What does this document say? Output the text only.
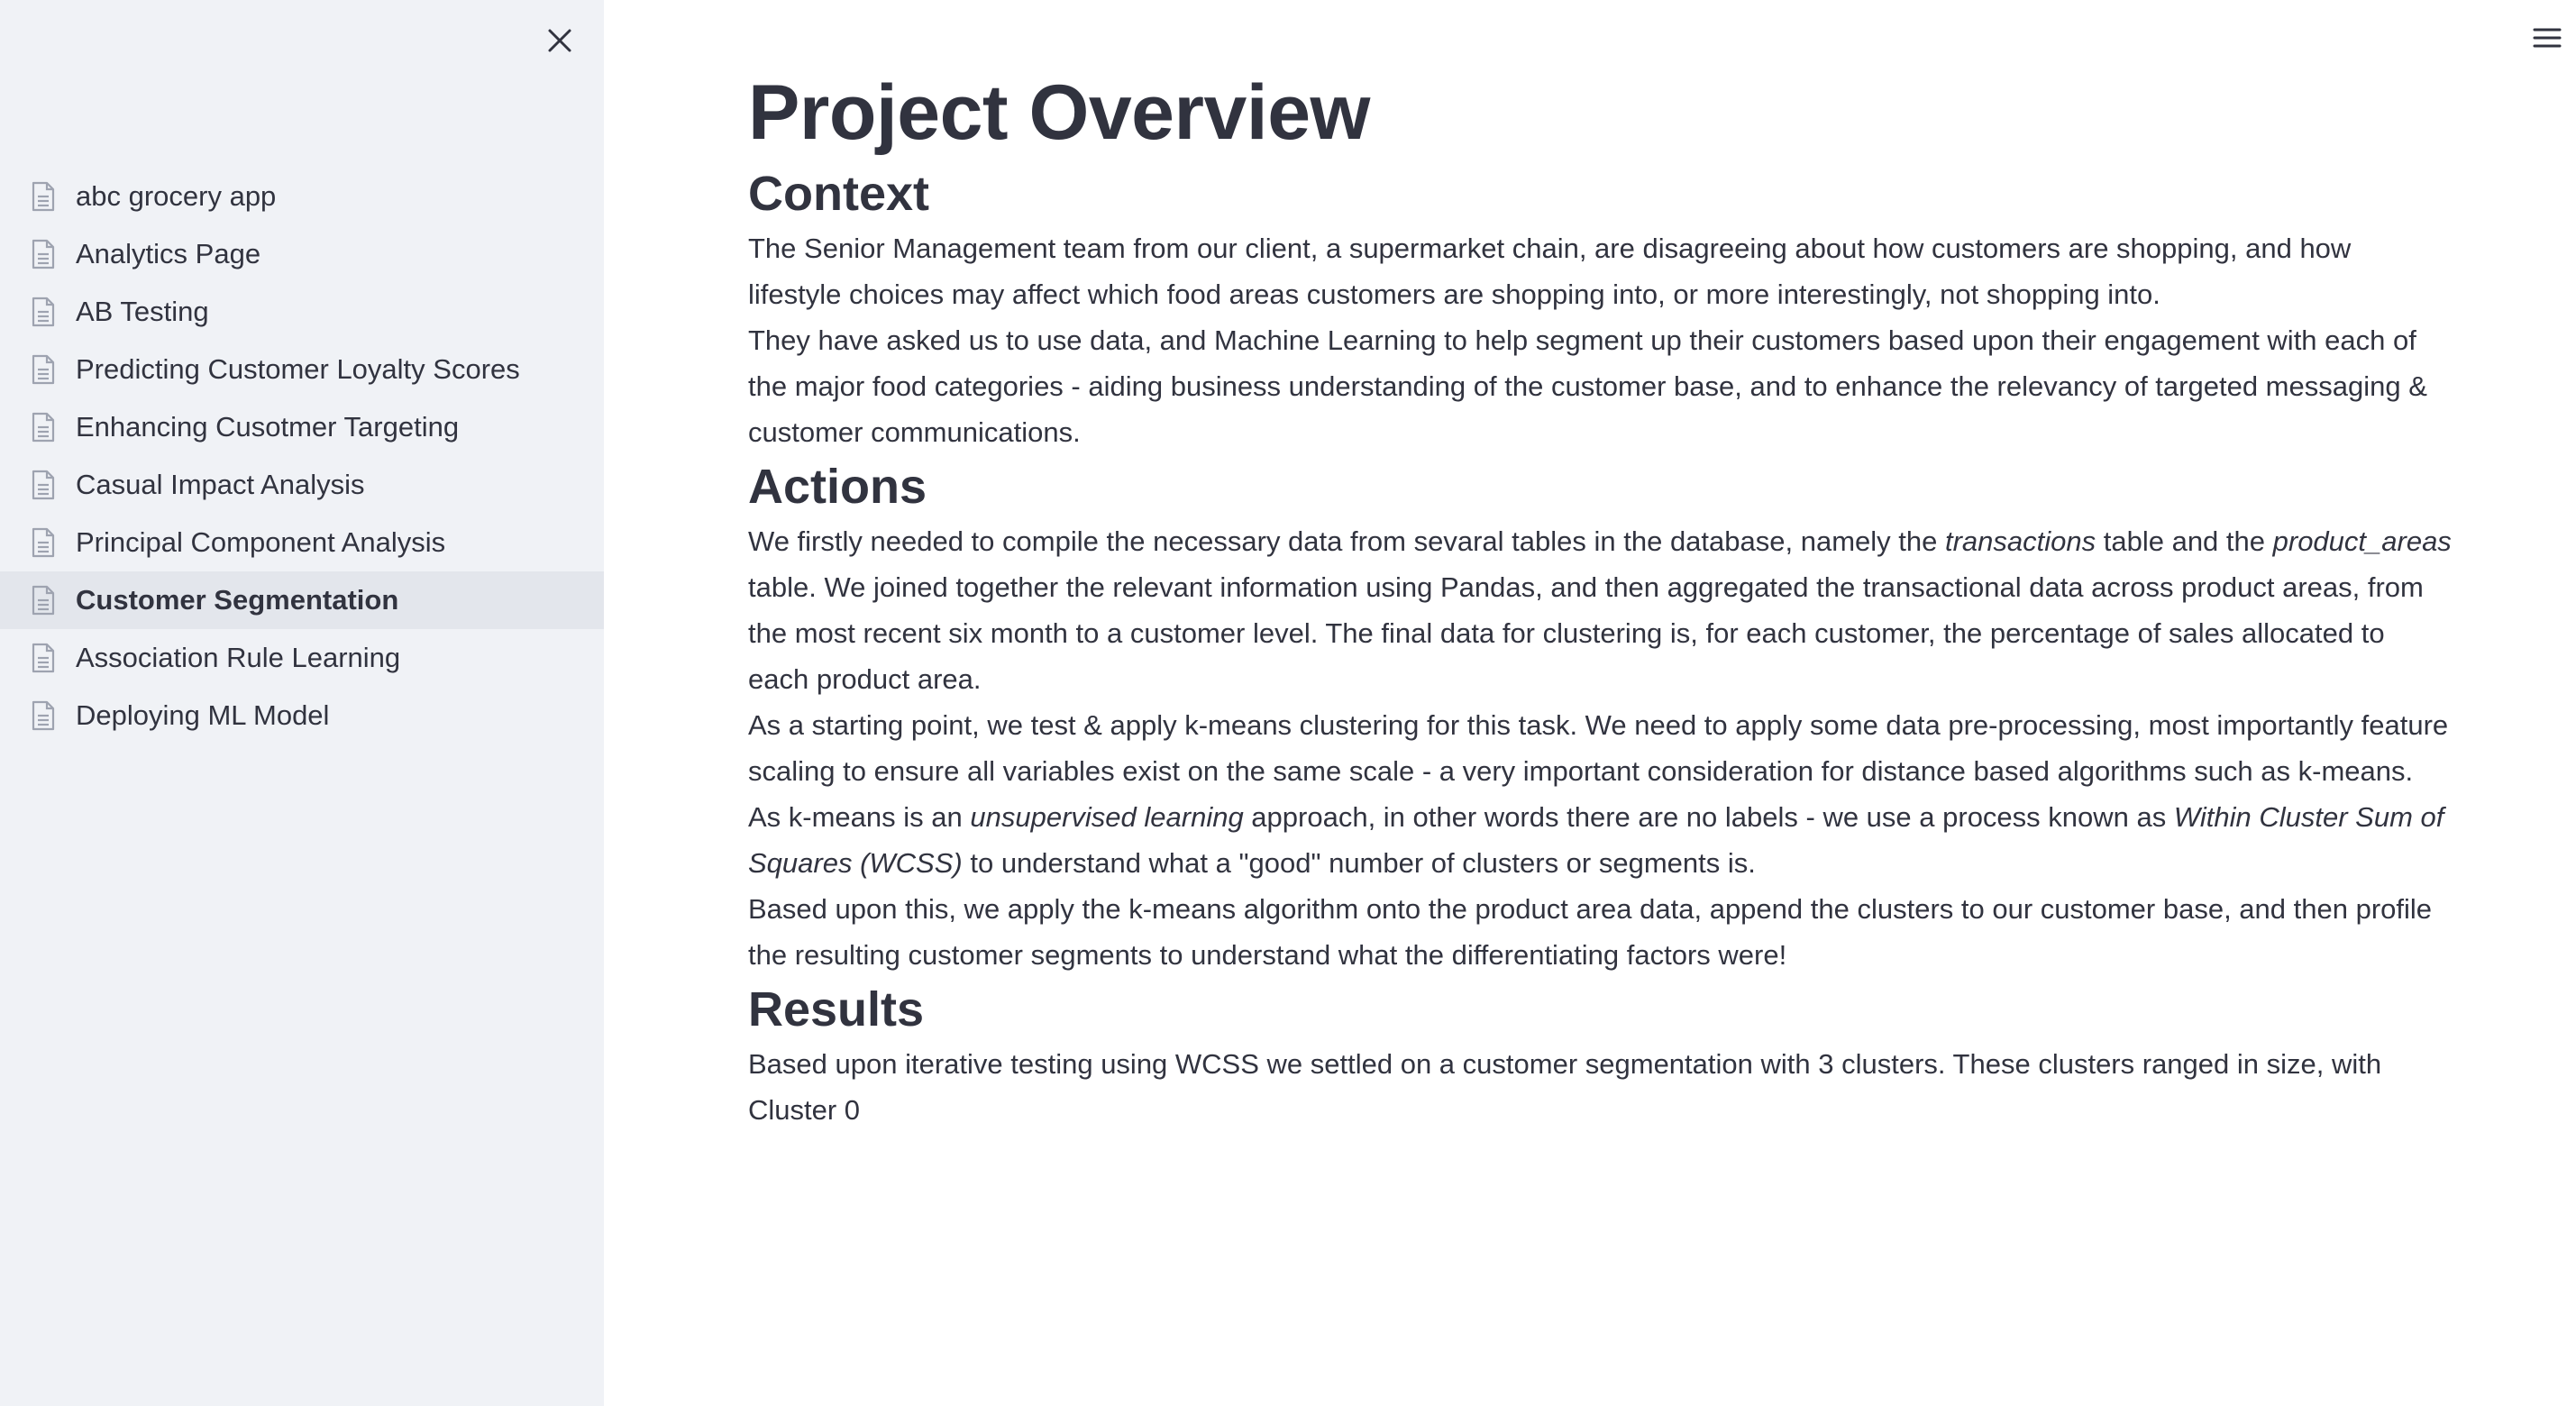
abc grocery app
Analytics Page
AB Testing
Predicting Customer Loyalty Scores
Enhancing Cusotmer Targeting
Casual Impact Analysis
Principal Component Analysis
Customer Segmentation
Association Rule Learning
Deploying ML Model
Project Overview
Context

The Senior Management team from our client, a supermarket chain, are disagreeing about how customers are shopping, and how lifestyle choices may affect which food areas customers are shopping into, or more interestingly, not shopping into.

They have asked us to use data, and Machine Learning to help segment up their customers based upon their engagement with each of the major food categories - aiding business understanding of the customer base, and to enhance the relevancy of targeted messaging & customer communications.

Actions

We firstly needed to compile the necessary data from sevaral tables in the database, namely the transactions table and the product_areas table. We joined together the relevant information using Pandas, and then aggregated the transactional data across product areas, from the most recent six month to a customer level. The final data for clustering is, for each customer, the percentage of sales allocated to each product area.

As a starting point, we test & apply k-means clustering for this task. We need to apply some data pre-processing, most importantly feature scaling to ensure all variables exist on the same scale - a very important consideration for distance based algorithms such as k-means.

As k-means is an unsupervised learning approach, in other words there are no labels - we use a process known as Within Cluster Sum of Squares (WCSS) to understand what a "good" number of clusters or segments is.

Based upon this, we apply the k-means algorithm onto the product area data, append the clusters to our customer base, and then profile the resulting customer segments to understand what the differentiating factors were!

Results

Based upon iterative testing using WCSS we settled on a customer segmentation with 3 clusters. These clusters ranged in size, with Cluster 0
